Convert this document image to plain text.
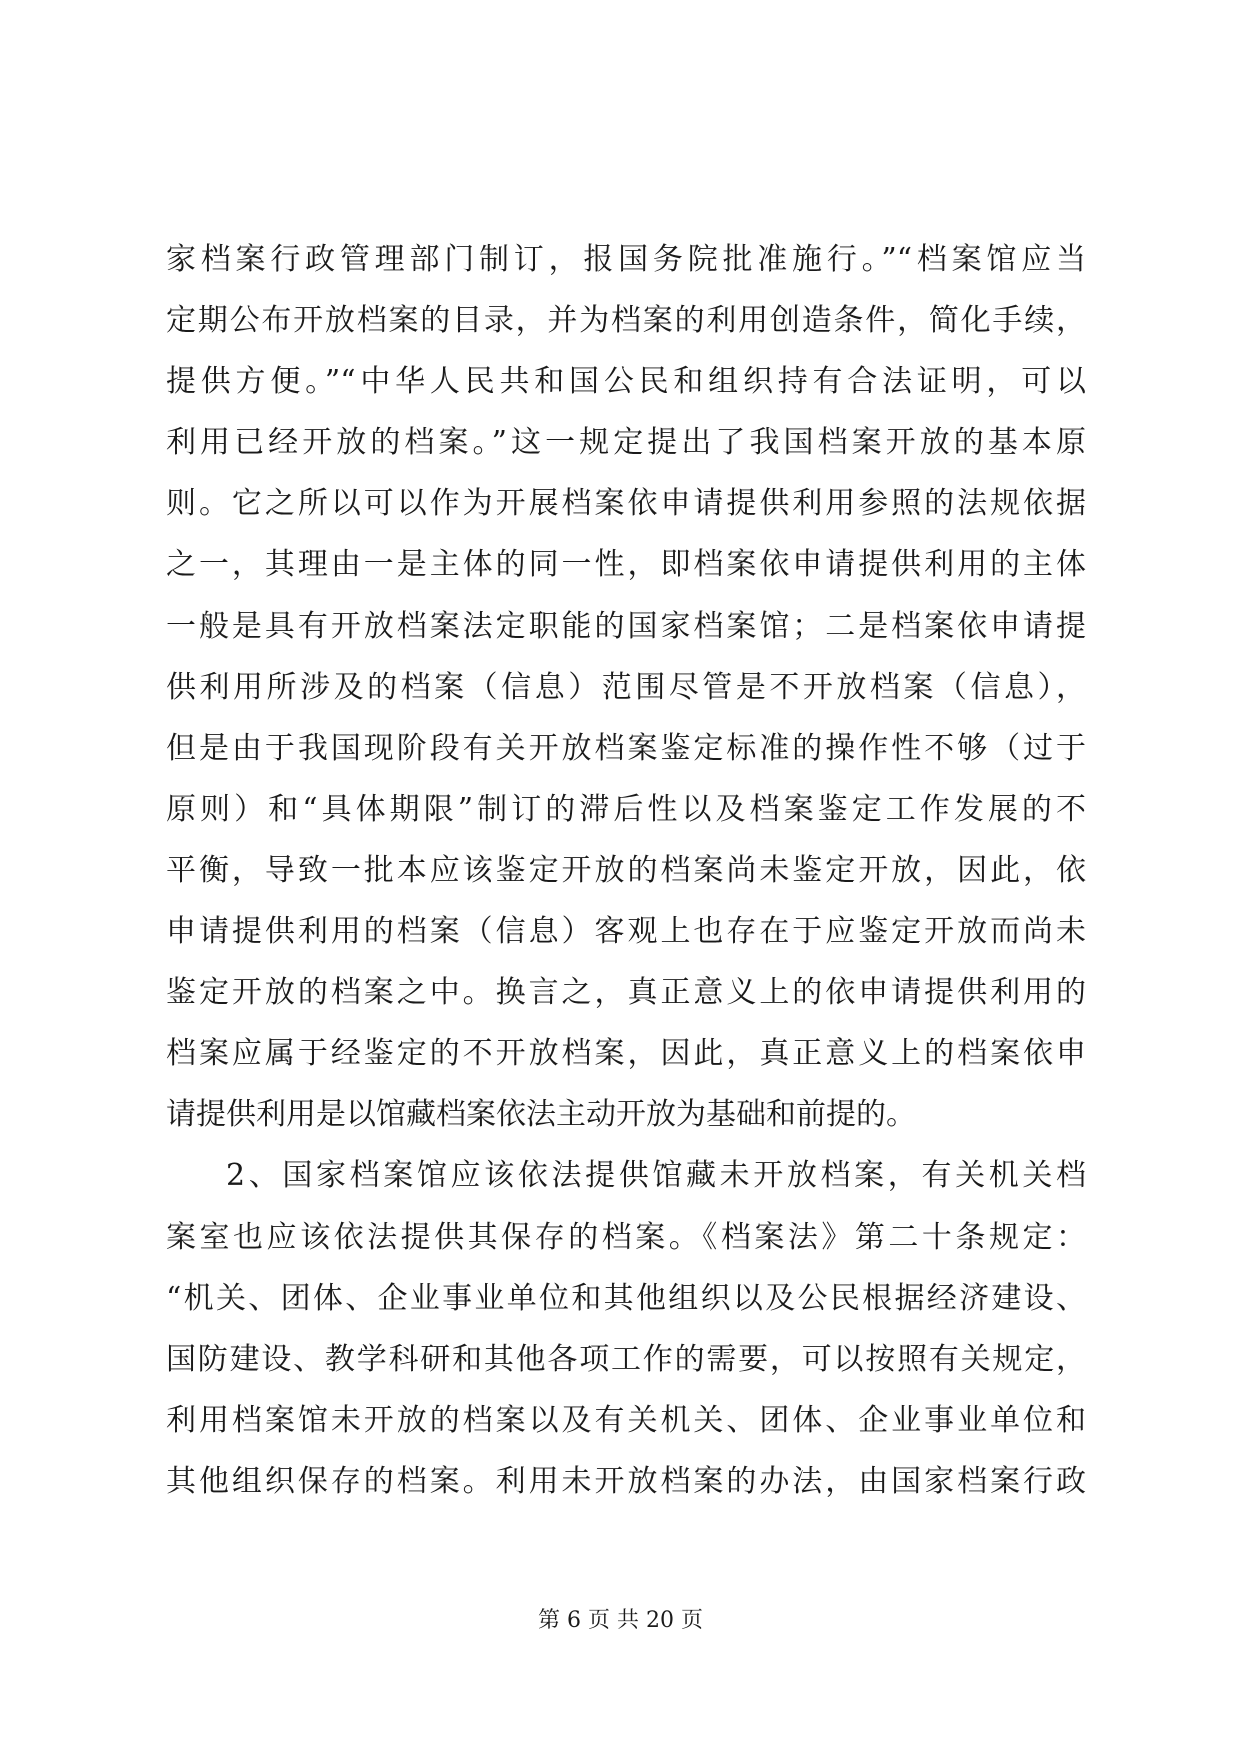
家档案行政管理部门制订，报国务院批准施行。”“档案馆应当
定期公布开放档案的目录，并为档案的利用创造条件，简化手续，
提供方便。”“中华人民共和国公民和组织持有合法证明，可以
利用已经开放的档案。”这一规定提出了我国档案开放的基本原
则。它之所以可以作为开展档案依申请提供利用参照的法规依据
之一，其理由一是主体的同一性，即档案依申请提供利用的主体
一般是具有开放档案法定职能的国家档案馆；二是档案依申请提
供利用所涉及的档案（信息）范围尽管是不开放档案（信息），
但是由于我国现阶段有关开放档案鉴定标准的操作性不够（过于
原则）和“具体期限”制订的滞后性以及档案鉴定工作发展的不
平衡，导致一批本应该鉴定开放的档案尚未鉴定开放，因此，依
申请提供利用的档案（信息）客观上也存在于应鉴定开放而尚未
鉴定开放的档案之中。换言之，真正意义上的依申请提供利用的
档案应属于经鉴定的不开放档案，因此，真正意义上的档案依申
请提供利用是以馆藏档案依法主动开放为基础和前提的。
2、国家档案馆应该依法提供馆藏未开放档案，有关机关档
案室也应该依法提供其保存的档案。《档案法》第二十条规定：
“机关、团体、企业事业单位和其他组织以及公民根据经济建设、
国防建设、教学科研和其他各项工作的需要，可以按照有关规定，
利用档案馆未开放的档案以及有关机关、团体、企业事业单位和
其他组织保存的档案。利用未开放档案的办法，由国家档案行政
第 6 页 共 20 页
